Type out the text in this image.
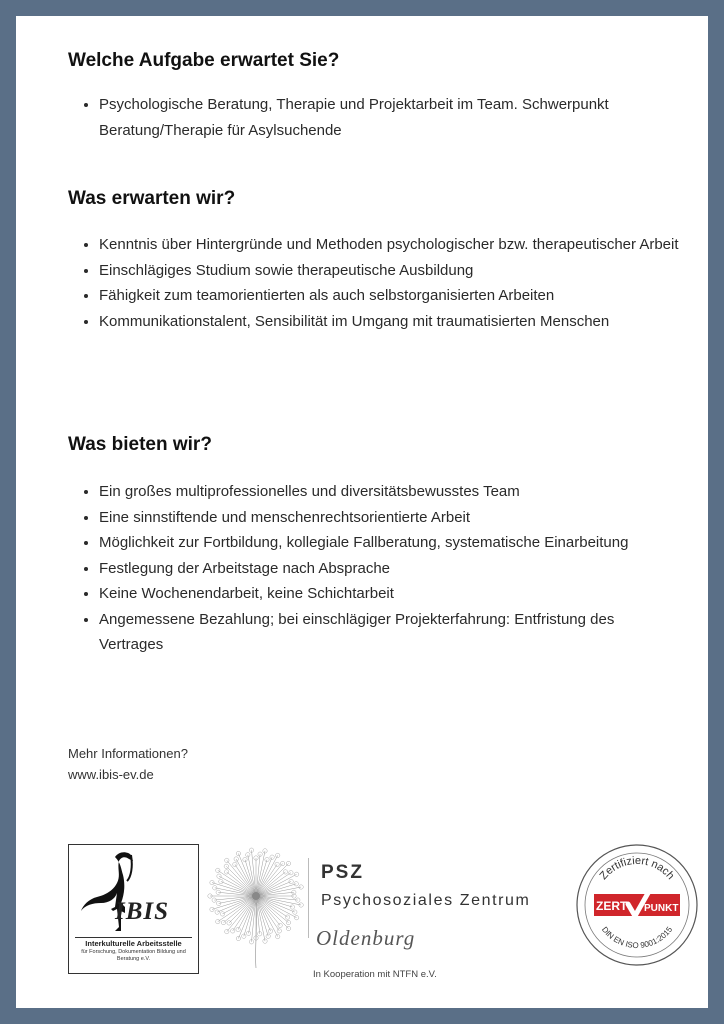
Welche Aufgabe erwartet Sie?
• Psychologische Beratung, Therapie und Projektarbeit im Team. Schwerpunkt Beratung/Therapie für Asylsuchende
Was erwarten wir?
• Kenntnis über Hintergründe und Methoden psychologischer bzw. therapeutischer Arbeit
• Einschlägiges Studium sowie therapeutische Ausbildung
• Fähigkeit zum teamorientierten als auch selbstorganisierten Arbeiten
• Kommunikationstalent, Sensibilität im Umgang mit traumatisierten Menschen
Was bieten wir?
• Ein großes multiprofessionelles und diversitätsbewusstes Team
• Eine sinnstiftende und menschenrechtsorientierte Arbeit
• Möglichkeit zur Fortbildung, kollegiale Fallberatung, systematische Einarbeitung
• Festlegung der Arbeitstage nach Absprache
• Keine Wochenendarbeit, keine Schichtarbeit
• Angemessene Bezahlung; bei einschlägiger Projekterfahrung: Entfristung des Vertrages
Mehr Informationen?
www.ibis-ev.de
IBIS
Interkulturelle Arbeitsstelle
für Forschung, Dokumentation Bildung und Beratung e.V.
PSZ
Psychosoziales Zentrum
Oldenburg
In Kooperation mit NTFN e.V.
Zertifiziert nach
DIN EN ISO 9001:2015
ZERT PUNKT
